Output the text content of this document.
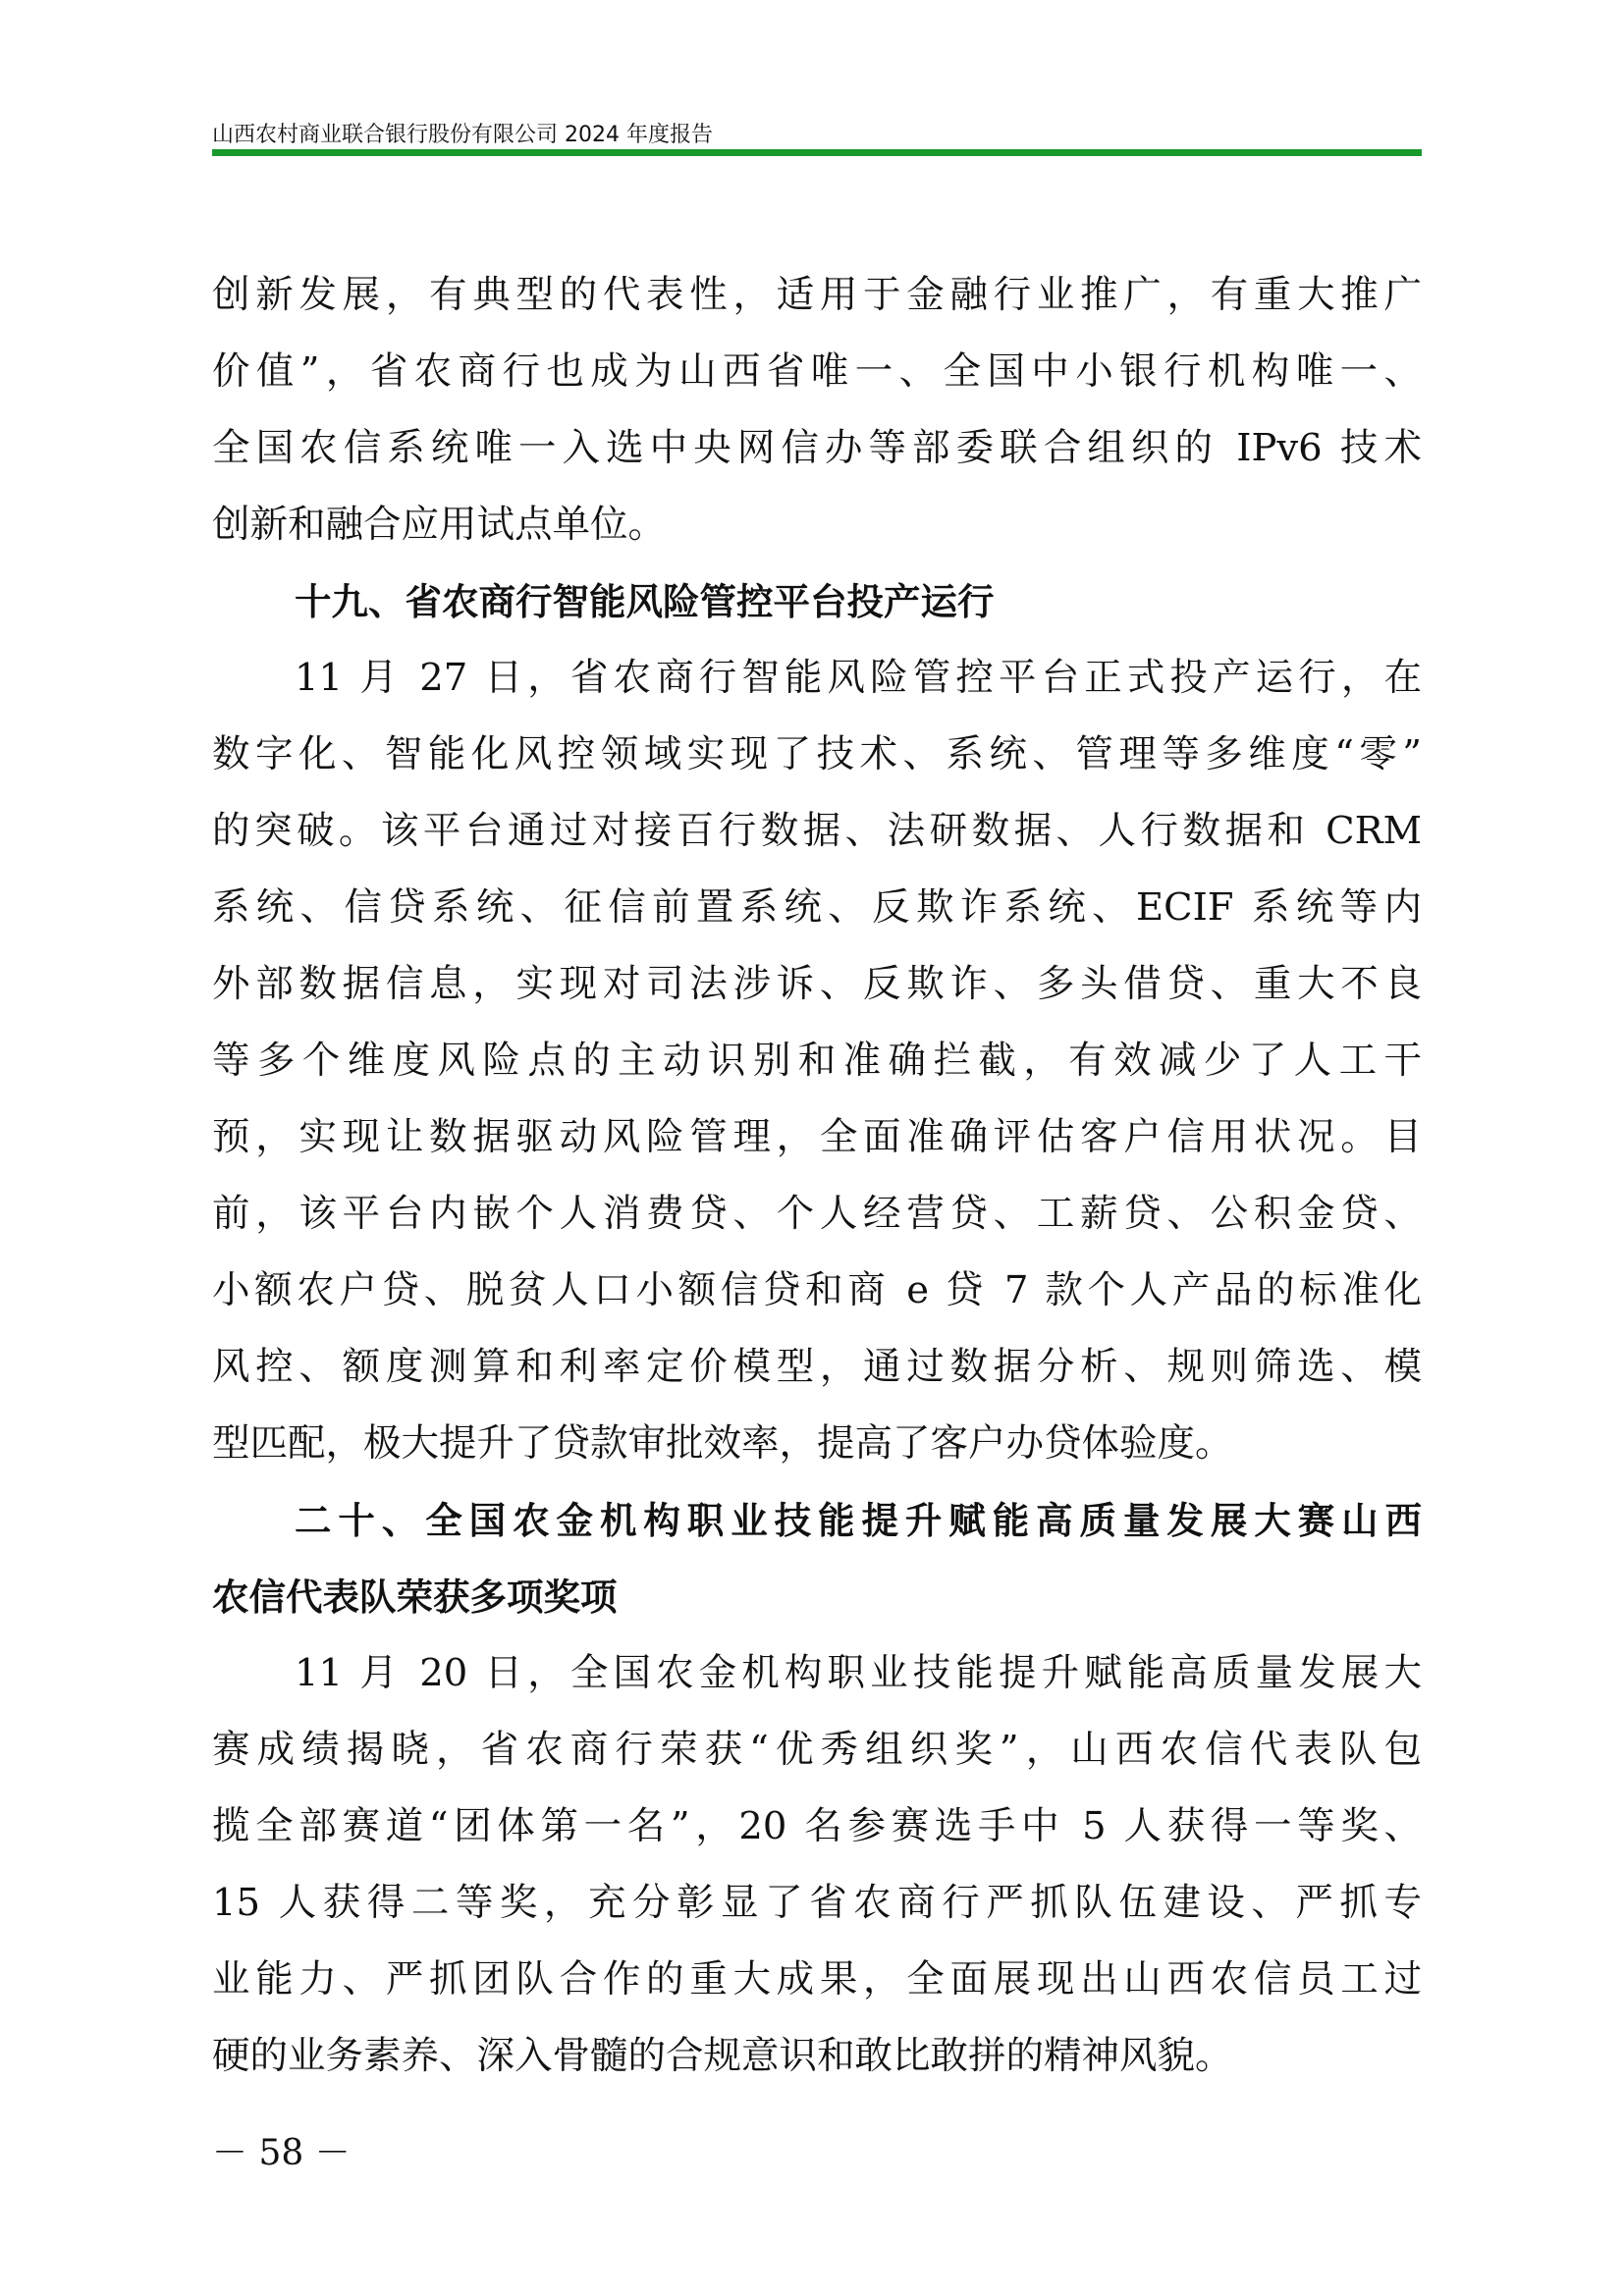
山西农村商业联合银行股份有限公司 2024 年度报告
创新发展，有典型的代表性，适用于金融行业推广，有重大推广
价值”，省农商行也成为山西省唯一、全国中小银行机构唯一、
全国农信系统唯一入选中央网信办等部委联合组织的 IPv6 技术
创新和融合应用试点单位。
十九、省农商行智能风险管控平台投产运行
11 月 27 日，省农商行智能风险管控平台正式投产运行，在
数字化、智能化风控领域实现了技术、系统、管理等多维度“零”
的突破。该平台通过对接百行数据、法研数据、人行数据和 CRM
系统、信贷系统、征信前置系统、反欺诈系统、ECIF 系统等内
外部数据信息，实现对司法涉诉、反欺诈、多头借贷、重大不良
等多个维度风险点的主动识别和准确拦截，有效减少了人工干
预，实现让数据驱动风险管理，全面准确评估客户信用状况。目
前，该平台内嵌个人消费贷、个人经营贷、工薪贷、公积金贷、
小额农户贷、脱贫人口小额信贷和商 e 贷 7 款个人产品的标准化
风控、额度测算和利率定价模型，通过数据分析、规则筛选、模
型匹配，极大提升了贷款审批效率，提高了客户办贷体验度。
二十、全国农金机构职业技能提升赋能高质量发展大赛山西
农信代表队荣获多项奖项
11 月 20 日，全国农金机构职业技能提升赋能高质量发展大
赛成绩揭晓，省农商行荣获“优秀组织奖”，山西农信代表队包
揽全部赛道“团体第一名”，20 名参赛选手中 5 人获得一等奖、
15 人获得二等奖，充分彰显了省农商行严抓队伍建设、严抓专
业能力、严抓团队合作的重大成果，全面展现出山西农信员工过
硬的业务素养、深入骨髓的合规意识和敢比敢拼的精神风貌。
－ 58 －
